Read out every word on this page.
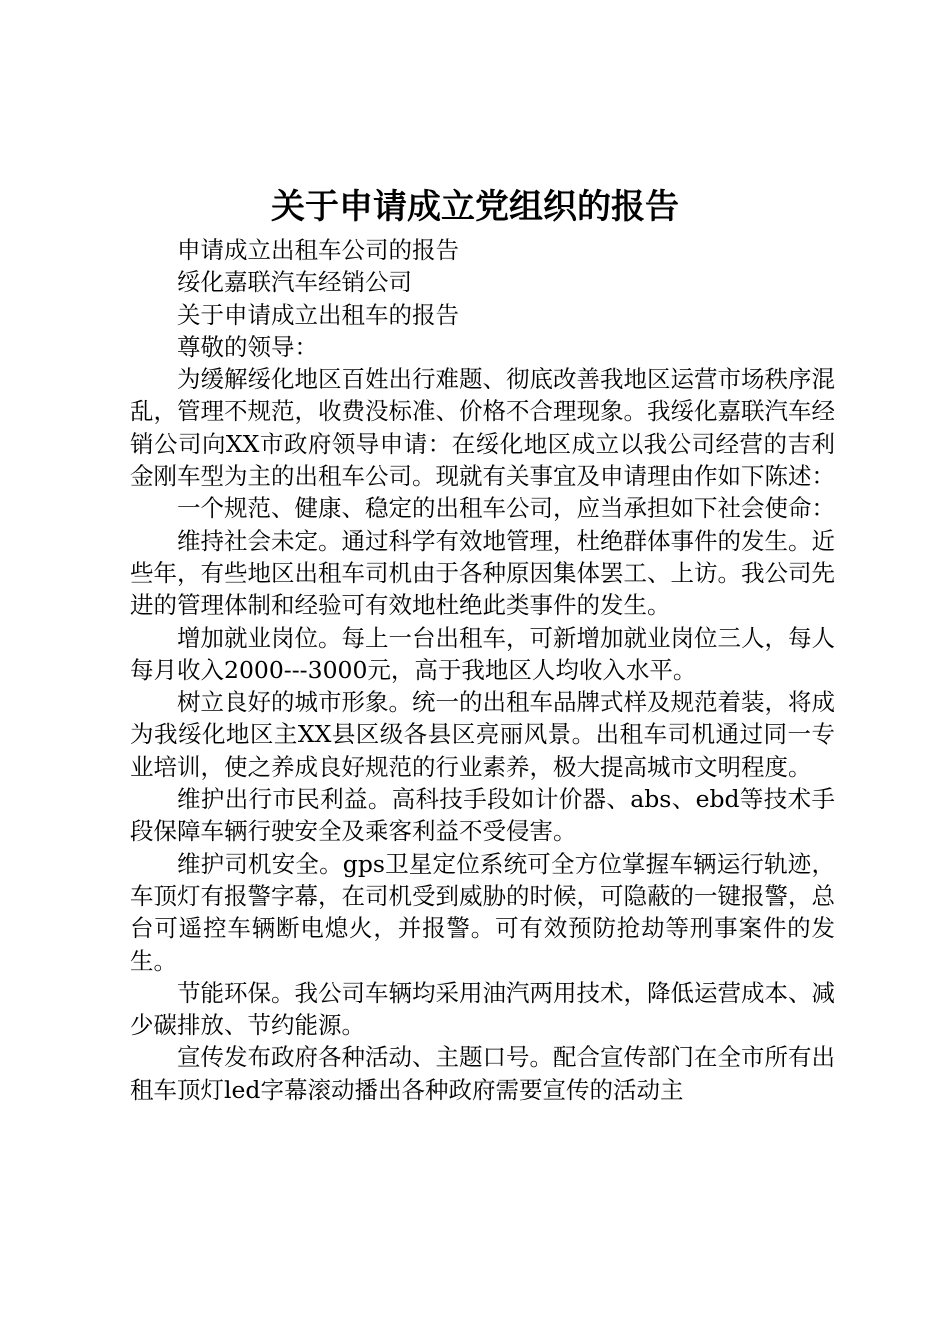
关于申请成立党组织的报告

申请成立出租车公司的报告

绥化嘉联汽车经销公司

关于申请成立出租车的报告

尊敬的领导：

为缓解绥化地区百姓出行难题、彻底改善我地区运营市场秩序混乱，管理不规范，收费没标准、价格不合理现象。我绥化嘉联汽车经销公司向XX市政府领导申请：在绥化地区成立以我公司经营的吉利金刚车型为主的出租车公司。现就有关事宜及申请理由作如下陈述：

一个规范、健康、稳定的出租车公司，应当承担如下社会使命：

维持社会未定。通过科学有效地管理，杜绝群体事件的发生。近些年，有些地区出租车司机由于各种原因集体罢工、上访。我公司先进的管理体制和经验可有效地杜绝此类事件的发生。

增加就业岗位。每上一台出租车，可新增加就业岗位三人，每人每月收入2000---3000元，高于我地区人均收入水平。

树立良好的城市形象。统一的出租车品牌式样及规范着装，将成为我绥化地区主XX县区级各县区亮丽风景。出租车司机通过同一专业培训，使之养成良好规范的行业素养，极大提高城市文明程度。

维护出行市民利益。高科技手段如计价器、abs、ebd等技术手段保障车辆行驶安全及乘客利益不受侵害。

维护司机安全。gps卫星定位系统可全方位掌握车辆运行轨迹，车顶灯有报警字幕，在司机受到威胁的时候，可隐蔽的一键报警，总台可遥控车辆断电熄火，并报警。可有效预防抢劫等刑事案件的发生。

节能环保。我公司车辆均采用油汽两用技术，降低运营成本、减少碳排放、节约能源。

宣传发布政府各种活动、主题口号。配合宣传部门在全市所有出租车顶灯led字幕滚动播出各种政府需要宣传的活动主
